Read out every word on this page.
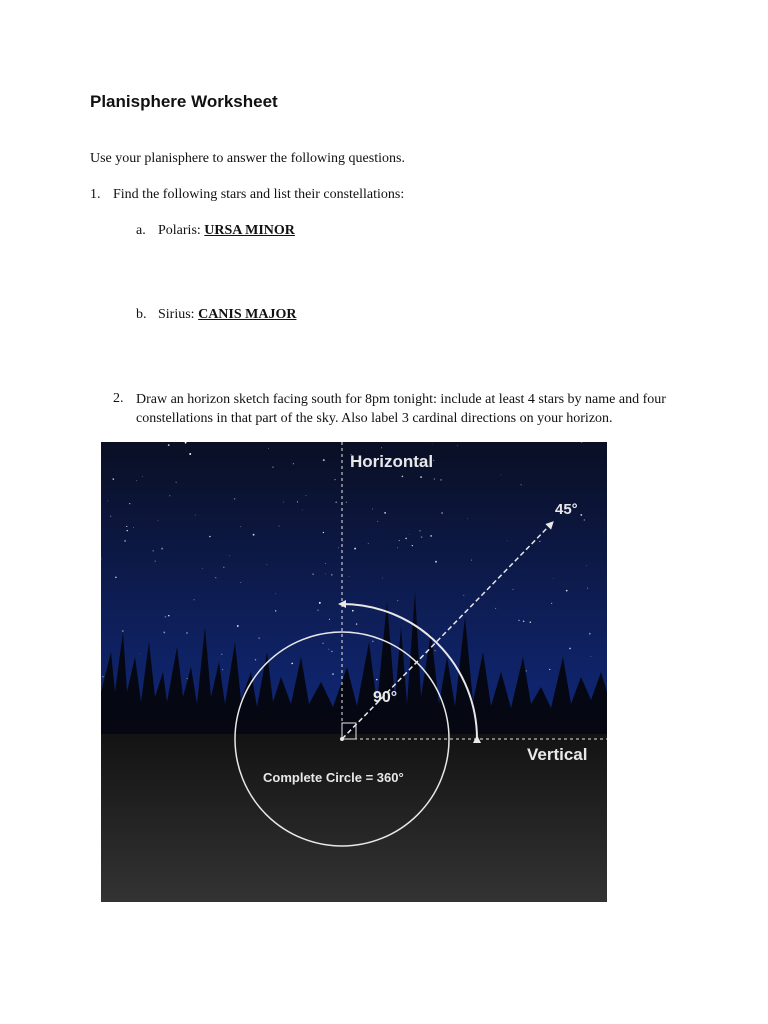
Planisphere Worksheet
Use your planisphere to answer the following questions.
1. Find the following stars and list their constellations:
a. Polaris: URSA MINOR
b. Sirius: CANIS MAJOR
2. Draw an horizon sketch facing south for 8pm tonight: include at least 4 stars by name and four constellations in that part of the sky. Also label 3 cardinal directions on your horizon.
Horizontal
45°
90°
Vertical
Complete Circle = 360°
